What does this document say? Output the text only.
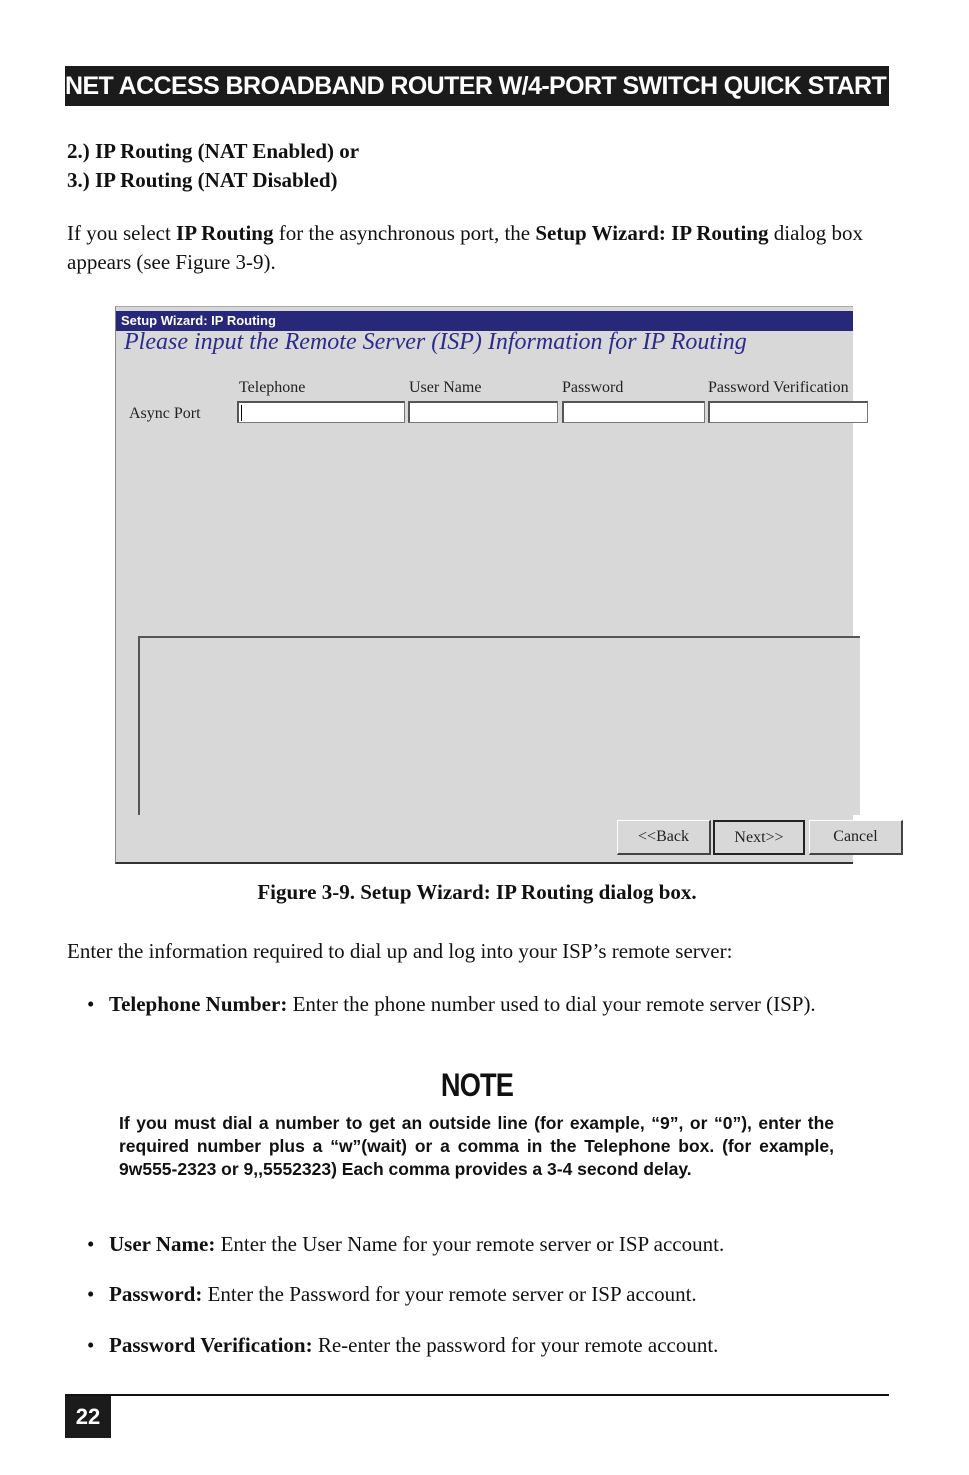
NET ACCESS BROADBAND ROUTER W/4-PORT SWITCH QUICK START GUIDE
2.) IP Routing (NAT Enabled) or
3.) IP Routing (NAT Disabled)
If you select IP Routing for the asynchronous port, the Setup Wizard: IP Routing dialog box appears (see Figure 3-9).
Setup Wizard: IP Routing
Please input the Remote Server (ISP) Information for IP Routing
Telephone	User Name	Password	Password Verification
Async Port
<<Back	Next>>	Cancel
Figure 3-9. Setup Wizard: IP Routing dialog box.
Enter the information required to dial up and log into your ISP’s remote server:
• Telephone Number: Enter the phone number used to dial your remote server (ISP).
NOTE
If you must dial a number to get an outside line (for example, “9”, or “0”), enter the required number plus a “w”(wait) or a comma in the Telephone box. (for example, 9w555-2323 or 9,,5552323) Each comma provides a 3-4 second delay.
• User Name: Enter the User Name for your remote server or ISP account.
• Password: Enter the Password for your remote server or ISP account.
• Password Verification: Re-enter the password for your remote account.
22
